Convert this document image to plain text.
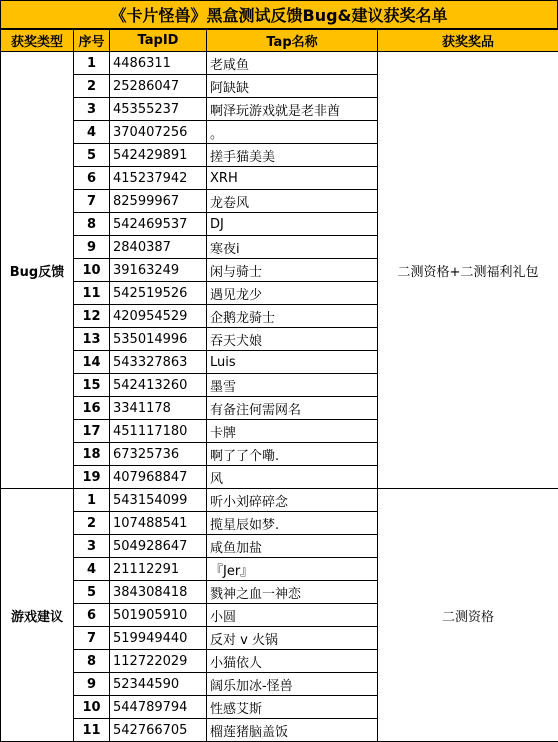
《卡片怪兽》黑盒测试反馈Bug&建议获奖名单
获奖类型	序号	TapID	Tap名称	获奖奖品
Bug反馈	1	4486311	老咸鱼	二测资格+二测福利礼包
	2	25286047	阿缺缺	
	3	45355237	啊泽玩游戏就是老非酋	
	4	370407256	。	
	5	542429891	搓手猫美美	
	6	415237942	XRH	
	7	82599967	龙卷风	
	8	542469537	DJ	
	9	2840387	寒夜i	
	10	39163249	闲与骑士	
	11	542519526	遇见龙少	
	12	420954529	企鹅龙骑士	
	13	535014996	吞天犬娘	
	14	543327863	Luis	
	15	542413260	墨雪	
	16	3341178	有备注何需网名	
	17	451117180	卡牌	
	18	67325736	啊了了个嘞.	
	19	407968847	风	
游戏建议	1	543154099	听小刘碎碎念	二测资格
	2	107488541	揽星辰如梦.	
	3	504928647	咸鱼加盐	
	4	21112291	『Jer』	
	5	384308418	戮神之血一神恋	
	6	501905910	小圆	
	7	519949440	反对 v 火锅	
	8	112722029	小猫依人	
	9	52344590	阔乐加冰-怪兽	
	10	544789794	性感艾斯	
	11	542766705	榴莲猪脑盖饭	
